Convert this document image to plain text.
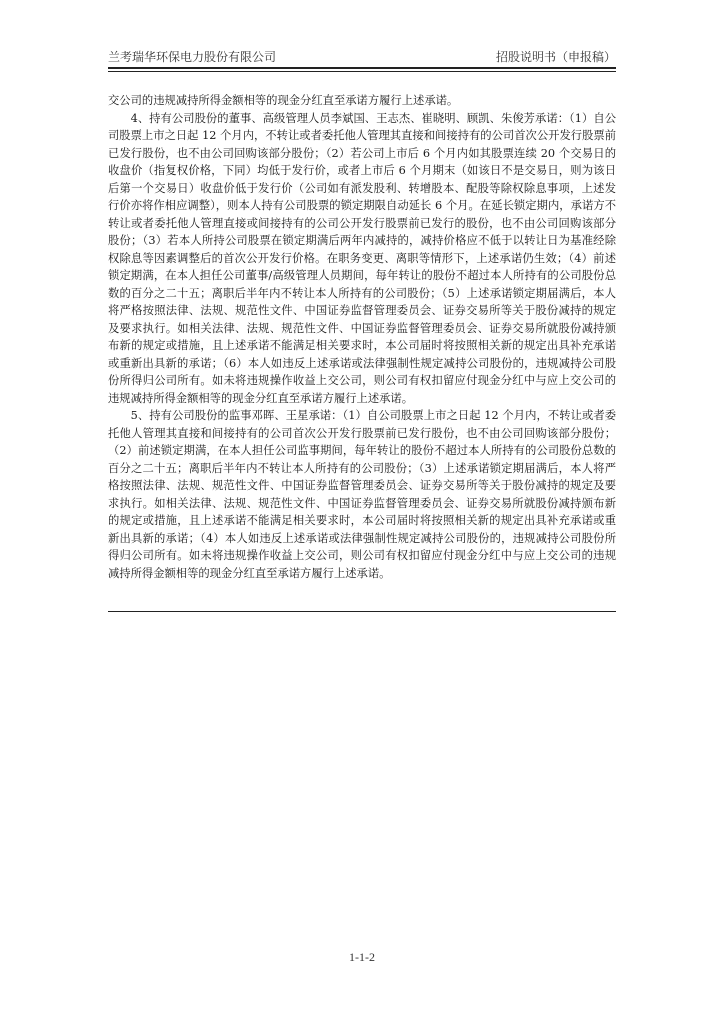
兰考瑞华环保电力股份有限公司	招股说明书（申报稿）

交公司的违规减持所得金额相等的现金分红直至承诺方履行上述承诺。

4、持有公司股份的董事、高级管理人员李斌国、王志杰、崔晓明、顾凯、朱俊芳承诺：（1）自公司股票上市之日起 12 个月内，不转让或者委托他人管理其直接和间接持有的公司首次公开发行股票前已发行股份，也不由公司回购该部分股份；（2）若公司上市后 6 个月内如其股票连续 20 个交易日的收盘价（指复权价格，下同）均低于发行价，或者上市后 6 个月期末（如该日不是交易日，则为该日后第一个交易日）收盘价低于发行价（公司如有派发股利、转增股本、配股等除权除息事项，上述发行价亦将作相应调整），则本人持有公司股票的锁定期限自动延长 6 个月。在延长锁定期内，承诺方不转让或者委托他人管理直接或间接持有的公司公开发行股票前已发行的股份，也不由公司回购该部分股份；（3）若本人所持公司股票在锁定期满后两年内减持的，减持价格应不低于以转让日为基准经除权除息等因素调整后的首次公开发行价格。在职务变更、离职等情形下，上述承诺仍生效；（4）前述锁定期满，在本人担任公司董事/高级管理人员期间，每年转让的股份不超过本人所持有的公司股份总数的百分之二十五；离职后半年内不转让本人所持有的公司股份；（5）上述承诺锁定期届满后，本人将严格按照法律、法规、规范性文件、中国证券监督管理委员会、证券交易所等关于股份减持的规定及要求执行。如相关法律、法规、规范性文件、中国证券监督管理委员会、证券交易所就股份减持颁布新的规定或措施，且上述承诺不能满足相关要求时，本公司届时将按照相关新的规定出具补充承诺或重新出具新的承诺；（6）本人如违反上述承诺或法律强制性规定减持公司股份的，违规减持公司股份所得归公司所有。如未将违规操作收益上交公司，则公司有权扣留应付现金分红中与应上交公司的违规减持所得金额相等的现金分红直至承诺方履行上述承诺。

5、持有公司股份的监事邓晖、王星承诺：（1）自公司股票上市之日起 12 个月内，不转让或者委托他人管理其直接和间接持有的公司首次公开发行股票前已发行股份，也不由公司回购该部分股份；（2）前述锁定期满，在本人担任公司监事期间，每年转让的股份不超过本人所持有的公司股份总数的百分之二十五；离职后半年内不转让本人所持有的公司股份；（3）上述承诺锁定期届满后，本人将严格按照法律、法规、规范性文件、中国证券监督管理委员会、证券交易所等关于股份减持的规定及要求执行。如相关法律、法规、规范性文件、中国证券监督管理委员会、证券交易所就股份减持颁布新的规定或措施，且上述承诺不能满足相关要求时，本公司届时将按照相关新的规定出具补充承诺或重新出具新的承诺；（4）本人如违反上述承诺或法律强制性规定减持公司股份的，违规减持公司股份所得归公司所有。如未将违规操作收益上交公司，则公司有权扣留应付现金分红中与应上交公司的违规减持所得金额相等的现金分红直至承诺方履行上述承诺。

1-1-2
